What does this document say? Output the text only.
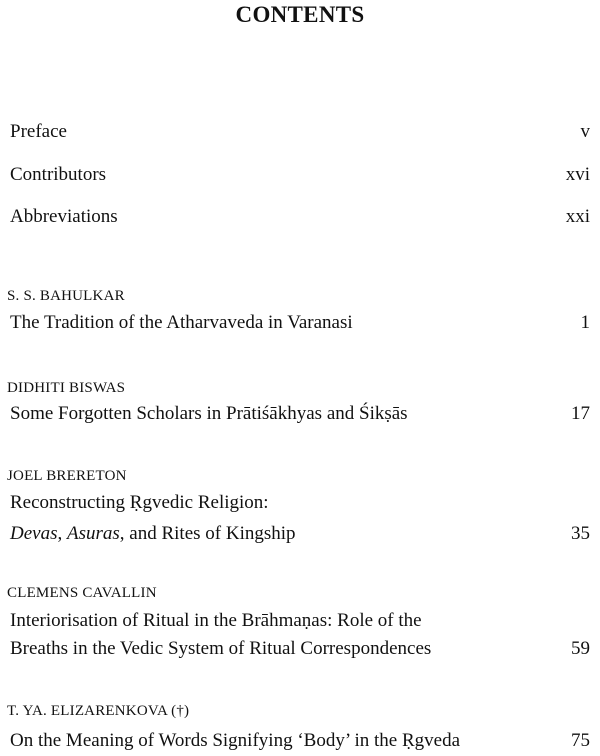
CONTENTS
Preface	v
Contributors	xvi
Abbreviations	xxi
S. S. BAHULKAR
The Tradition of the Atharvaveda in Varanasi	1
DIDHITI BISWAS
Some Forgotten Scholars in Prātiśākhyas and Śikṣās	17
JOEL BRERETON
Reconstructing Ṛgvedic Religion:
Devas, Asuras, and Rites of Kingship	35
CLEMENS CAVALLIN
Interiorisation of Ritual in the Brāhmaṇas: Role of the
Breaths in the Vedic System of Ritual Correspondences	59
T. YA. ELIZARENKOVA (†)
On the Meaning of Words Signifying ‘Body’ in the Ṛgveda	75
